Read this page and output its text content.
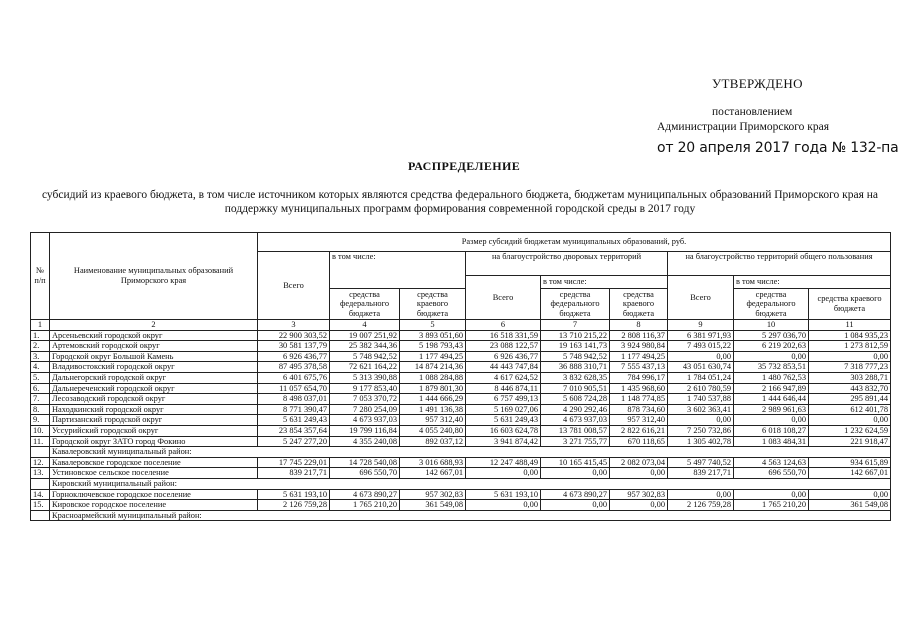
УТВЕРЖДЕНО
постановлением
Администрации Приморского края
от 20 апреля 2017 года № 132-па
РАСПРЕДЕЛЕНИЕ
субсидий из краевого бюджета, в том числе источником которых являются средства федерального бюджета, бюджетам муниципальных образований Приморского края на поддержку муниципальных программ формирования современной городской среды в 2017 году
№ п/п	Наименование муниципальных образований Приморского края	Размер субсидий бюджетам муниципальных образований, руб.								
		Всего	в том числе:		на благоустройство дворовых территорий			на благоустройство территорий общего пользования		
					Всего	в том числе:		Всего	в том числе:	
			средства федерального бюджета	средства краевого бюджета		средства федерального бюджета	средства краевого бюджета		средства федерального бюджета	средства краевого бюджета
1	2	3	4	5	6	7	8	9	10	11
1.	Арсеньевский городской округ	22 900 303,52	19 007 251,92	3 893 051,60	16 518 331,59	13 710 215,22	2 808 116,37	6 381 971,93	5 297 036,70	1 084 935,23
2.	Артемовский городской округ	30 581 137,79	25 382 344,36	5 198 793,43	23 088 122,57	19 163 141,73	3 924 980,84	7 493 015,22	6 219 202,63	1 273 812,59
3.	Городской округ Большой Камень	6 926 436,77	5 748 942,52	1 177 494,25	6 926 436,77	5 748 942,52	1 177 494,25	0,00	0,00	0,00
4.	Владивостокский городской округ	87 495 378,58	72 621 164,22	14 874 214,36	44 443 747,84	36 888 310,71	7 555 437,13	43 051 630,74	35 732 853,51	7 318 777,23
5.	Дальнегорский городской округ	6 401 675,76	5 313 390,88	1 088 284,88	4 617 624,52	3 832 628,35	784 996,17	1 784 051,24	1 480 762,53	303 288,71
6.	Дальнереченский городской округ	11 057 654,70	9 177 853,40	1 879 801,30	8 446 874,11	7 010 905,51	1 435 968,60	2 610 780,59	2 166 947,89	443 832,70
7.	Лесозаводский городской округ	8 498 037,01	7 053 370,72	1 444 666,29	6 757 499,13	5 608 724,28	1 148 774,85	1 740 537,88	1 444 646,44	295 891,44
8.	Находкинский городской округ	8 771 390,47	7 280 254,09	1 491 136,38	5 169 027,06	4 290 292,46	878 734,60	3 602 363,41	2 989 961,63	612 401,78
9.	Партизанский городской округ	5 631 249,43	4 673 937,03	957 312,40	5 631 249,43	4 673 937,03	957 312,40	0,00	0,00	0,00
10.	Уссурийский городской округ	23 854 357,64	19 799 116,84	4 055 240,80	16 603 624,78	13 781 008,57	2 822 616,21	7 250 732,86	6 018 108,27	1 232 624,59
11.	Городской округ ЗАТО город Фокино	5 247 277,20	4 355 240,08	892 037,12	3 941 874,42	3 271 755,77	670 118,65	1 305 402,78	1 083 484,31	221 918,47
	Кавалеровский муниципальный район:									
12.	Кавалеровское городское поселение	17 745 229,01	14 728 540,08	3 016 688,93	12 247 488,49	10 165 415,45	2 082 073,04	5 497 740,52	4 563 124,63	934 615,89
13.	Устиновское сельское поселение	839 217,71	696 550,70	142 667,01	0,00	0,00	0,00	839 217,71	696 550,70	142 667,01
	Кировский муниципальный район:									
14.	Горноключевское городское поселение	5 631 193,10	4 673 890,27	957 302,83	5 631 193,10	4 673 890,27	957 302,83	0,00	0,00	0,00
15.	Кировское городское поселение	2 126 759,28	1 765 210,20	361 549,08	0,00	0,00	0,00	2 126 759,28	1 765 210,20	361 549,08
	Красноармейский муниципальный район:									
